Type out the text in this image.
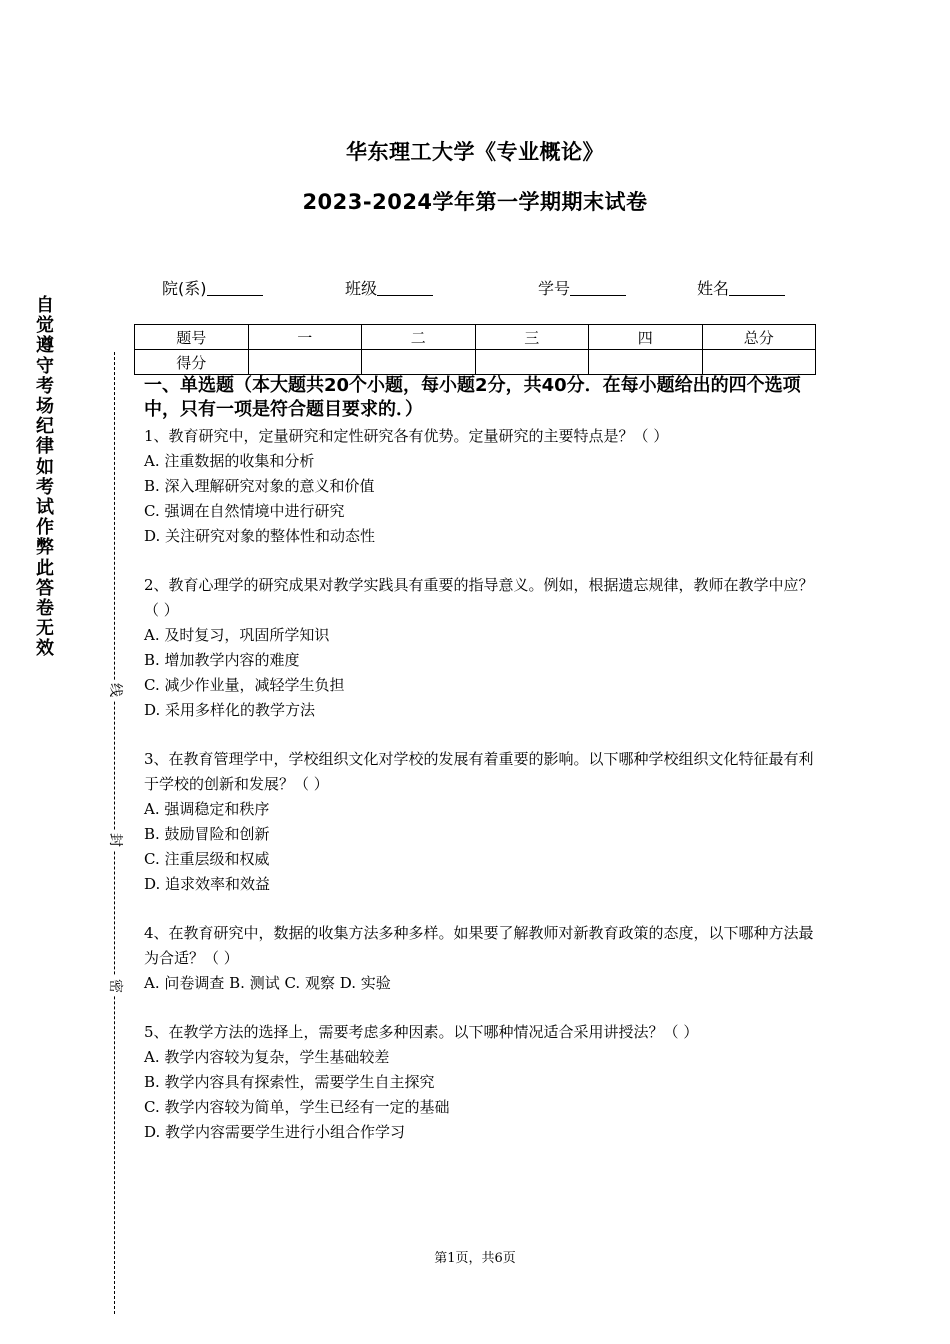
华东理工大学《专业概论》
2023-2024学年第一学期期末试卷
院(系)	班级	学号	姓名
题号	一	二	三	四	总分
得分					
自觉遵守考场纪律如考试作弊此答卷无效
线
封
密
一、单选题（本大题共20个小题，每小题2分，共40分．在每小题给出的四个选项中，只有一项是符合题目要求的．）

1、教育研究中，定量研究和定性研究各有优势。定量研究的主要特点是？（ ）

A. 注重数据的收集和分析

B. 深入理解研究对象的意义和价值

C. 强调在自然情境中进行研究

D. 关注研究对象的整体性和动态性

2、教育心理学的研究成果对教学实践具有重要的指导意义。例如，根据遗忘规律，教师在教学中应？（ ）

A. 及时复习，巩固所学知识

B. 增加教学内容的难度

C. 减少作业量，减轻学生负担

D. 采用多样化的教学方法

3、在教育管理学中，学校组织文化对学校的发展有着重要的影响。以下哪种学校组织文化特征最有利于学校的创新和发展？（ ）

A. 强调稳定和秩序

B. 鼓励冒险和创新

C. 注重层级和权威

D. 追求效率和效益

4、在教育研究中，数据的收集方法多种多样。如果要了解教师对新教育政策的态度，以下哪种方法最为合适？（ ）

A. 问卷调查 B. 测试 C. 观察 D. 实验

5、在教学方法的选择上，需要考虑多种因素。以下哪种情况适合采用讲授法？（ ）

A. 教学内容较为复杂，学生基础较差

B. 教学内容具有探索性，需要学生自主探究

C. 教学内容较为简单，学生已经有一定的基础

D. 教学内容需要学生进行小组合作学习

第1页，共6页
